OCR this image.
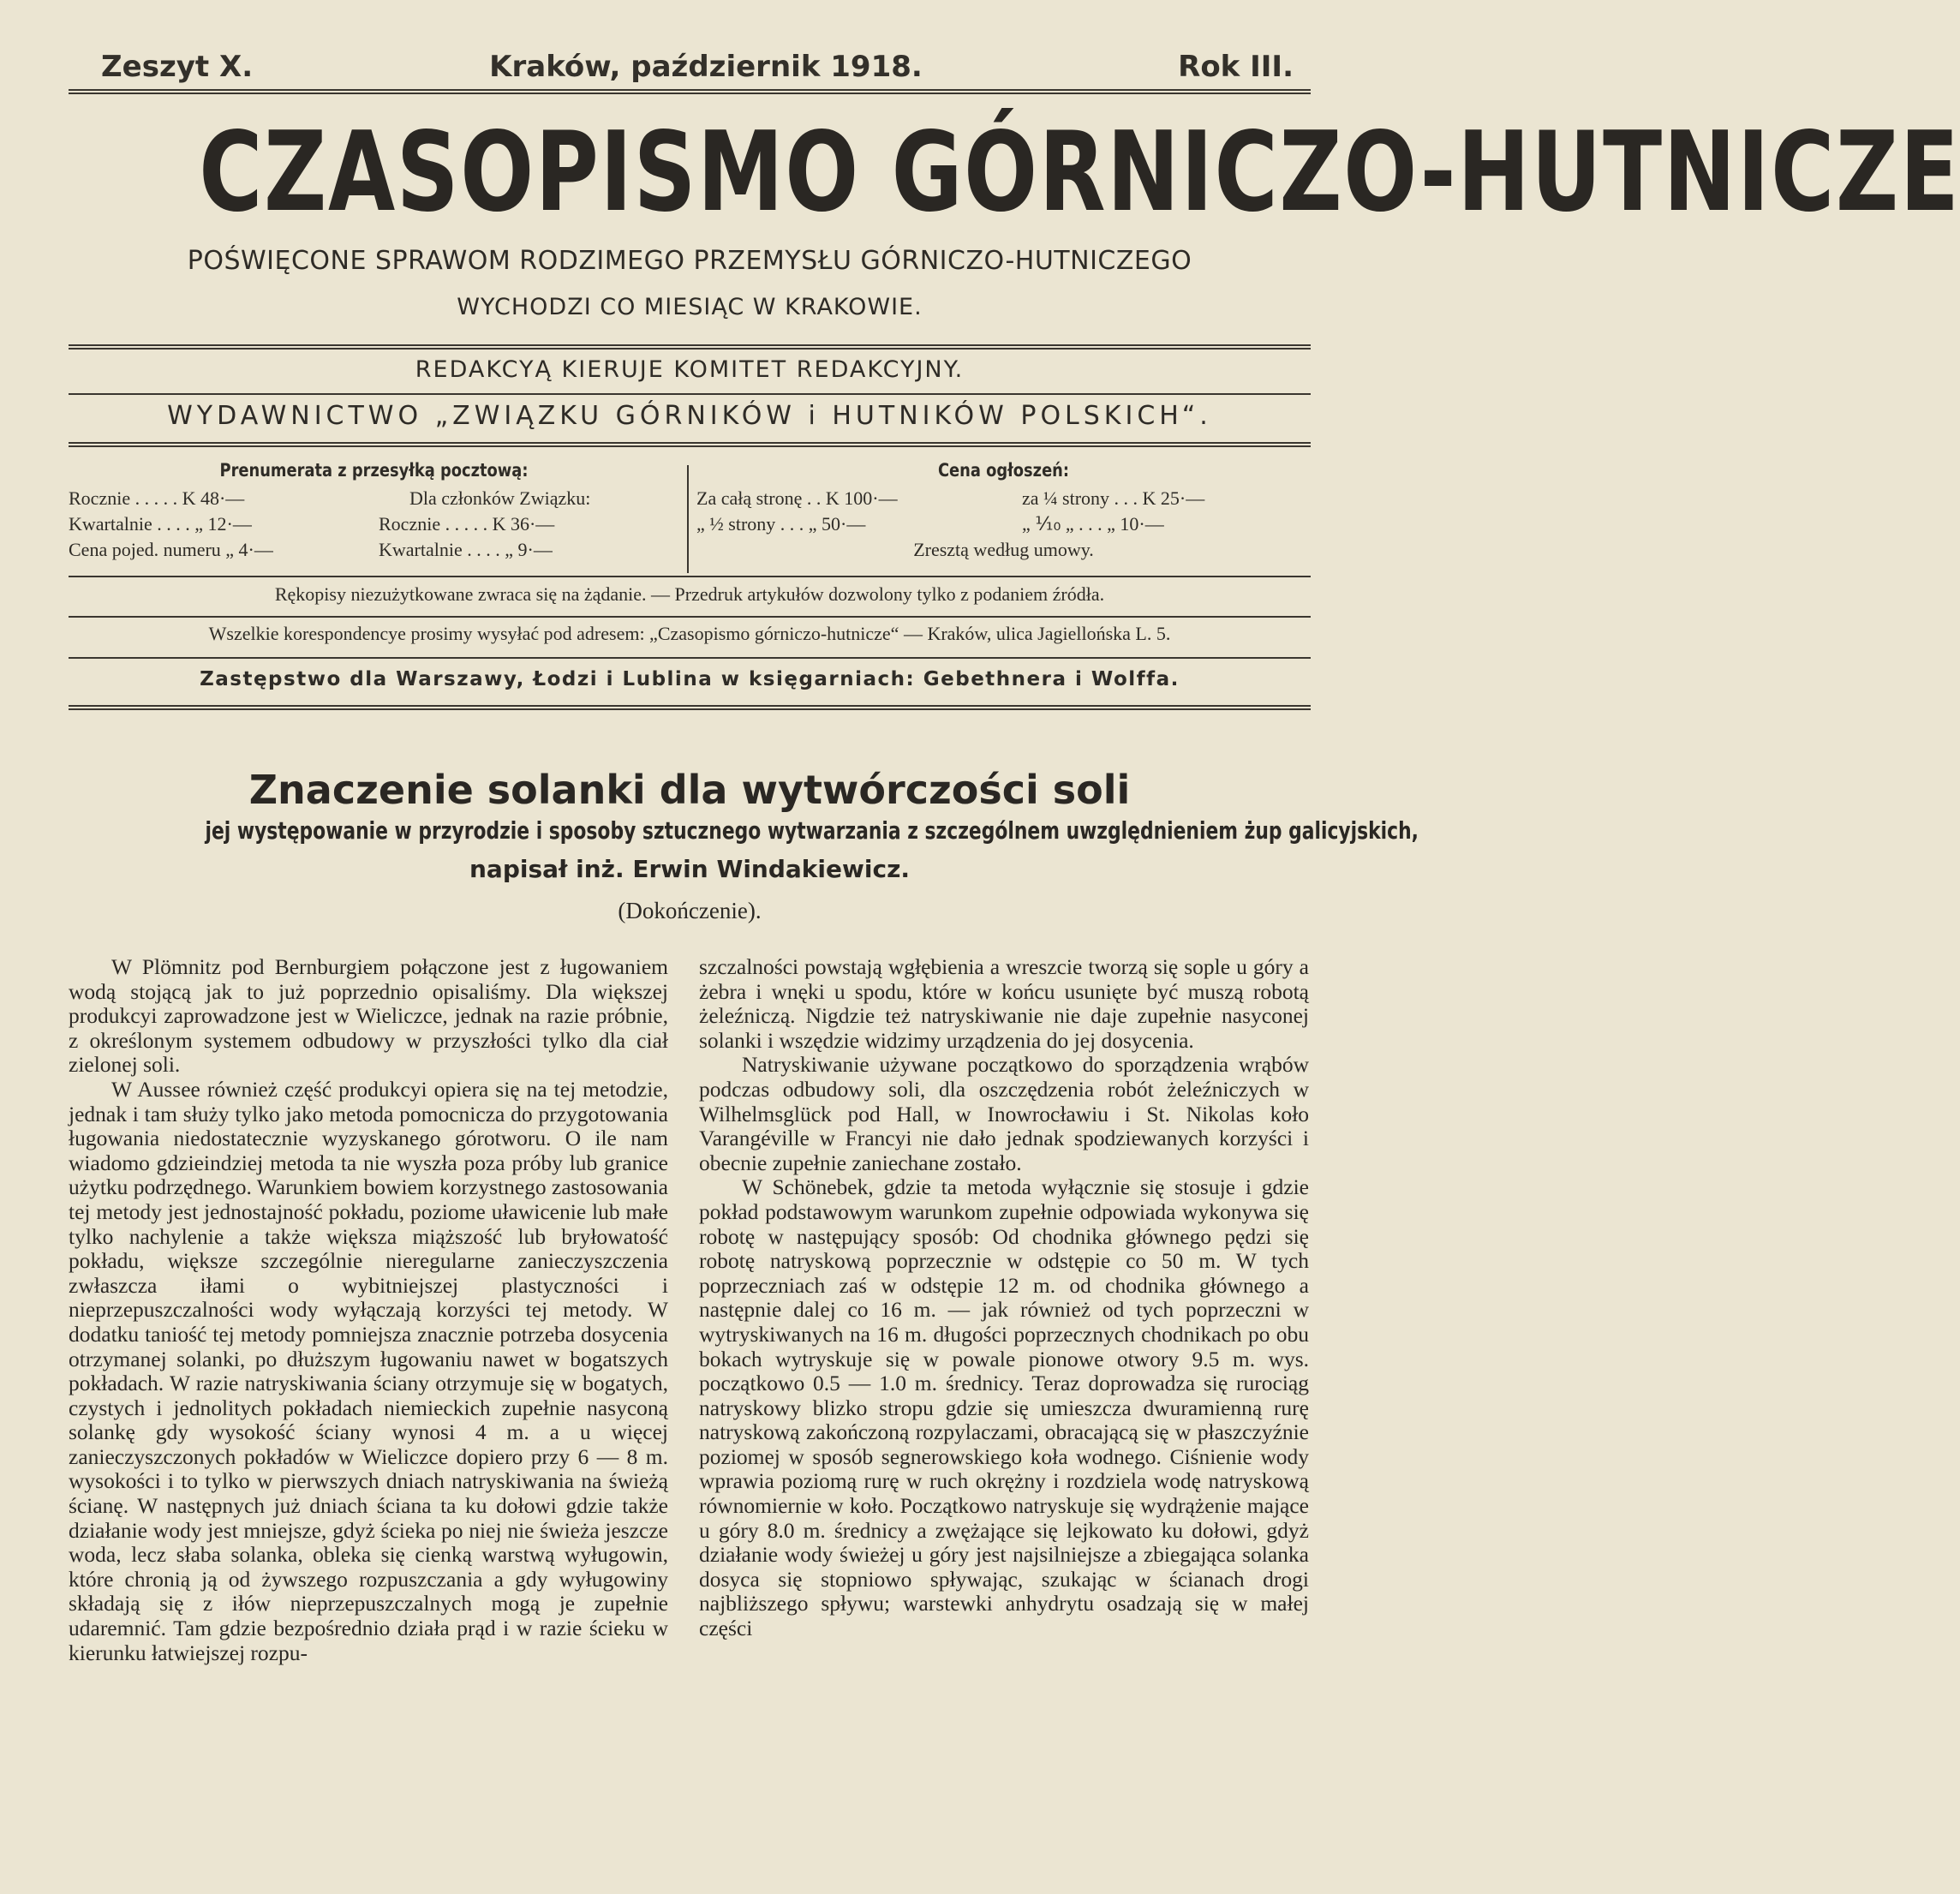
Zeszyt X.	Kraków, październik 1918.	Rok III.
CZASOPISMO GÓRNICZO-HUTNICZE
POŚWIĘCONE SPRAWOM RODZIMEGO PRZEMYSŁU GÓRNICZO-HUTNICZEGO
WYCHODZI CO MIESIĄC W KRAKOWIE.
REDAKCYĄ KIERUJE KOMITET REDAKCYJNY.
WYDAWNICTWO „ZWIĄZKU GÓRNIKÓW i HUTNIKÓW POLSKICH“.
Prenumerata z przesyłką pocztową:
Rocznie . . . . . K 48·—	Dla członków Związku:
Kwartalnie . . . . „ 12·—	Rocznie . . . . . K 36·—
Cena pojed. numeru „ 4·—	Kwartalnie . . . . „ 9·—
Cena ogłoszeń:
Za całą stronę . . K 100·—	za ¼ strony . . . K 25·—
„ ½ strony . . . „ 50·—	„ ⅒ „ . . . „ 10·—
Zresztą według umowy.
Rękopisy niezużytkowane zwraca się na żądanie. — Przedruk artykułów dozwolony tylko z podaniem źródła.
Wszelkie korespondencye prosimy wysyłać pod adresem: „Czasopismo górniczo-hutnicze“ — Kraków, ulica Jagiellońska L. 5.
Zastępstwo dla Warszawy, Łodzi i Lublina w księgarniach: Gebethnera i Wolffa.
Znaczenie solanki dla wytwórczości soli
jej występowanie w przyrodzie i sposoby sztucznego wytwarzania z szczególnem uwzględnieniem żup galicyjskich,
napisał inż. Erwin Windakiewicz.
(Dokończenie).

W Plömnitz pod Bernburgiem połączone jest z ługowaniem wodą stojącą jak to już poprzednio opisaliśmy. Dla większej produkcyi zaprowadzone jest w Wieliczce, jednak na razie próbnie, z określonym systemem odbudowy w przyszłości tylko dla ciał zielonej soli.

W Aussee również część produkcyi opiera się na tej metodzie, jednak i tam służy tylko jako metoda pomocnicza do przygotowania ługowania niedostatecznie wyzyskanego górotworu. O ile nam wiadomo gdzieindziej metoda ta nie wyszła poza próby lub granice użytku podrzędnego. Warunkiem bowiem korzystnego zastosowania tej metody jest jednostajność pokładu, poziome uławicenie lub małe tylko nachylenie a także większa miąższość lub bryłowatość pokładu, większe szczególnie nieregularne zanieczyszczenia zwłaszcza iłami o wybitniejszej plastyczności i nieprzepuszczalności wody wyłączają korzyści tej metody. W dodatku taniość tej metody pomniejsza znacznie potrzeba dosycenia otrzymanej solanki, po dłuższym ługowaniu nawet w bogatszych pokładach. W razie natryskiwania ściany otrzymuje się w bogatych, czystych i jednolitych pokładach niemieckich zupełnie nasyconą solankę gdy wysokość ściany wynosi 4 m. a u więcej zanieczyszczonych pokładów w Wieliczce dopiero przy 6 — 8 m. wysokości i to tylko w pierwszych dniach natryskiwania na świeżą ścianę. W następnych już dniach ściana ta ku dołowi gdzie także działanie wody jest mniejsze, gdyż ścieka po niej nie świeża jeszcze woda, lecz słaba solanka, obleka się cienką warstwą wyługowin, które chronią ją od żywszego rozpuszczania a gdy wyługowiny składają się z iłów nieprzepuszczalnych mogą je zupełnie udaremnić. Tam gdzie bezpośrednio działa prąd i w razie ścieku w kierunku łatwiejszej rozpu-

szczalności powstają wgłębienia a wreszcie tworzą się sople u góry a żebra i wnęki u spodu, które w końcu usunięte być muszą robotą żeleźniczą. Nigdzie też natryskiwanie nie daje zupełnie nasyconej solanki i wszędzie widzimy urządzenia do jej dosycenia.

Natryskiwanie używane początkowo do sporządzenia wrąbów podczas odbudowy soli, dla oszczędzenia robót żeleźniczych w Wilhelmsglück pod Hall, w Inowrocławiu i St. Nikolas koło Varangéville w Francyi nie dało jednak spodziewanych korzyści i obecnie zupełnie zaniechane zostało.

W Schönebek, gdzie ta metoda wyłącznie się stosuje i gdzie pokład podstawowym warunkom zupełnie odpowiada wykonywa się robotę w następujący sposób: Od chodnika głównego pędzi się robotę natryskową poprzecznie w odstępie co 50 m. W tych poprzeczniach zaś w odstępie 12 m. od chodnika głównego a następnie dalej co 16 m. — jak również od tych poprzeczni w wytryskiwanych na 16 m. długości poprzecznych chodnikach po obu bokach wytryskuje się w powale pionowe otwory 9.5 m. wys. początkowo 0.5 — 1.0 m. średnicy. Teraz doprowadza się rurociąg natryskowy blizko stropu gdzie się umieszcza dwuramienną rurę natryskową zakończoną rozpylaczami, obracającą się w płaszczyźnie poziomej w sposób segnerowskiego koła wodnego. Ciśnienie wody wprawia poziomą rurę w ruch okrężny i rozdziela wodę natryskową równomiernie w koło. Początkowo natryskuje się wydrążenie mające u góry 8.0 m. średnicy a zwężające się lejkowato ku dołowi, gdyż działanie wody świeżej u góry jest najsilniejsze a zbiegająca solanka dosyca się stopniowo spływając, szukając w ścianach drogi najbliższego spływu; warstewki anhydrytu osadzają się w małej części
